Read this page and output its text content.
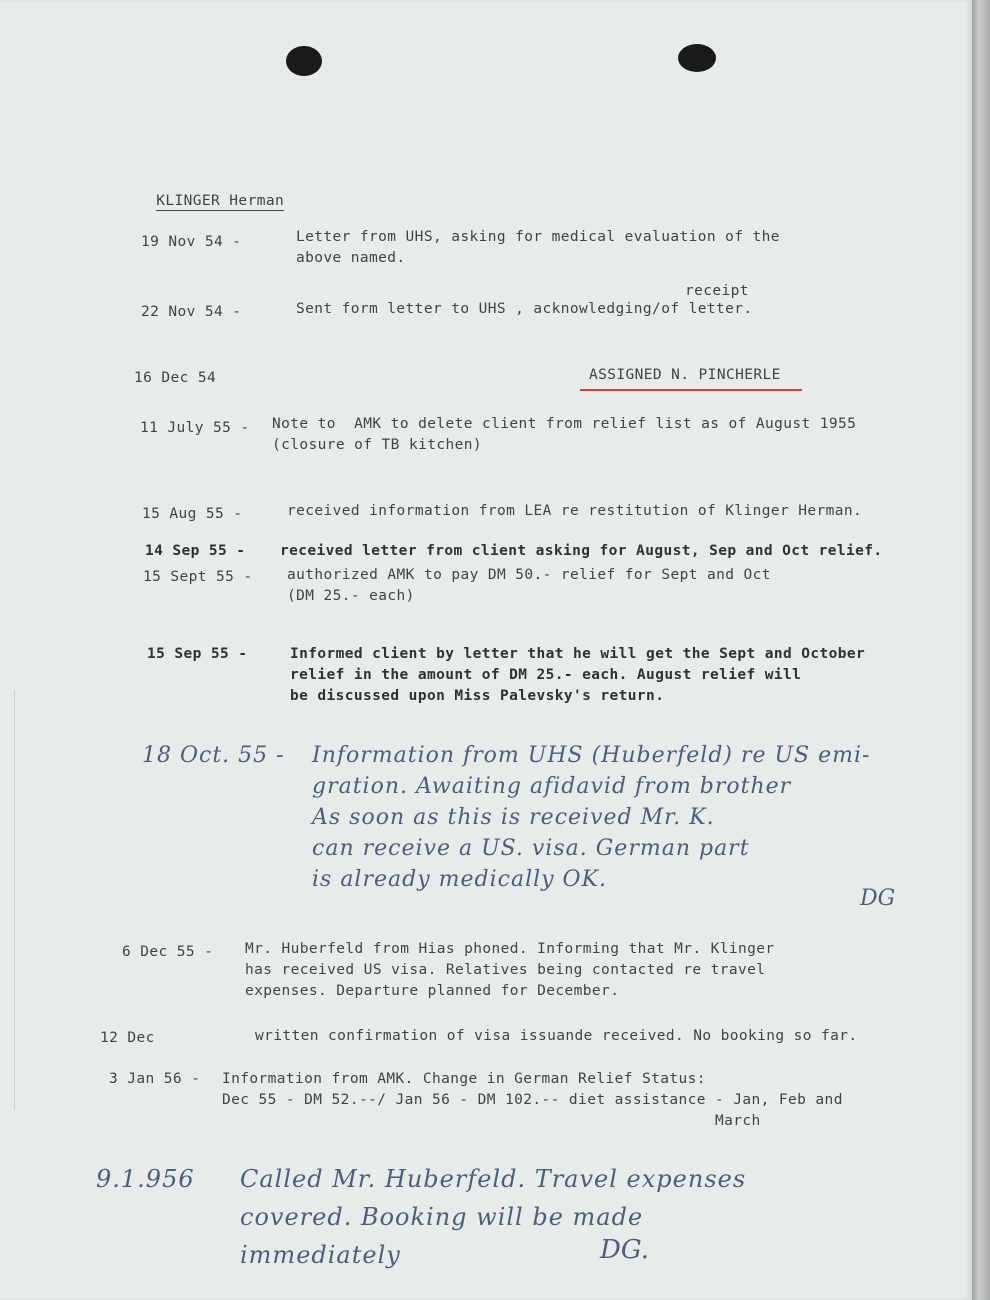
KLINGER Herman

19 Nov 54 -	Letter from UHS, asking for medical evaluation of the
above named.
receipt
22 Nov 54 -	Sent form letter to UHS , acknowledging/of letter.
16 Dec 54	ASSIGNED N. PINCHERLE
11 July 55 - Note to  AMK to delete client from relief list as of August 1955
(closure of TB kitchen)
15 Aug 55 -	received information from LEA re restitution of Klinger Herman.
14 Sep 55 - received letter from client asking for August, Sep and Oct relief.
15 Sept 55 - authorized AMK to pay DM 50.- relief for Sept and Oct
(DM 25.- each)
15 Sep 55 -	Informed client by letter that he will get the Sept and October
relief in the amount of DM 25.- each. August relief will
be discussed upon Miss Palevsky's return.
18 Oct. 55 - Information from UHS (Huberfeld) re US emi-
gration. Awaiting afidavid from brother
As soon as this is received Mr. K.
can receive a US. visa. German part
is already medically OK.
DG
6 Dec 55 - Mr. Huberfeld from Hias phoned. Informing that Mr. Klinger
has received US visa. Relatives being contacted re travel
expenses. Departure planned for December.
12 Dec	written confirmation of visa issuande received. No booking so far.
3 Jan 56 - Information from AMK. Change in German Relief Status:
Dec 55 - DM 52.--/ Jan 56 - DM 102.-- diet assistance - Jan, Feb and
March
9.1.956 Called Mr. Huberfeld. Travel expenses
covered. Booking will be made
immediately	DG.
